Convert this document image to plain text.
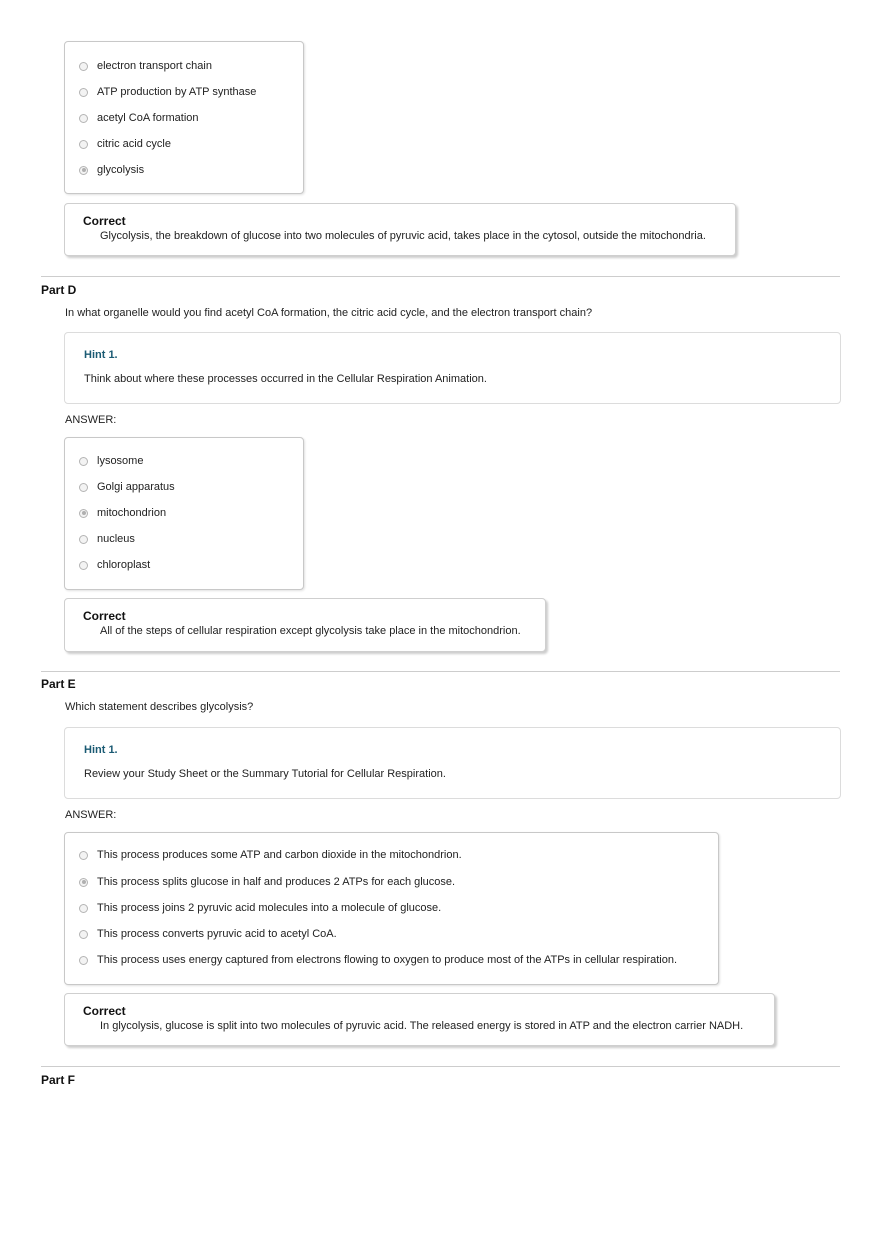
electron transport chain
ATP production by ATP synthase
acetyl CoA formation
citric acid cycle
glycolysis
Correct
Glycolysis, the breakdown of glucose into two molecules of pyruvic acid, takes place in the cytosol, outside the mitochondria.
Part D
In what organelle would you find acetyl CoA formation, the citric acid cycle, and the electron transport chain?
Hint 1.
Think about where these processes occurred in the Cellular Respiration Animation.
ANSWER:
lysosome
Golgi apparatus
mitochondrion
nucleus
chloroplast
Correct
All of the steps of cellular respiration except glycolysis take place in the mitochondrion.
Part E
Which statement describes glycolysis?
Hint 1.
Review your Study Sheet or the Summary Tutorial for Cellular Respiration.
ANSWER:
This process produces some ATP and carbon dioxide in the mitochondrion.
This process splits glucose in half and produces 2 ATPs for each glucose.
This process joins 2 pyruvic acid molecules into a molecule of glucose.
This process converts pyruvic acid to acetyl CoA.
This process uses energy captured from electrons flowing to oxygen to produce most of the ATPs in cellular respiration.
Correct
In glycolysis, glucose is split into two molecules of pyruvic acid. The released energy is stored in ATP and the electron carrier NADH.
Part F
